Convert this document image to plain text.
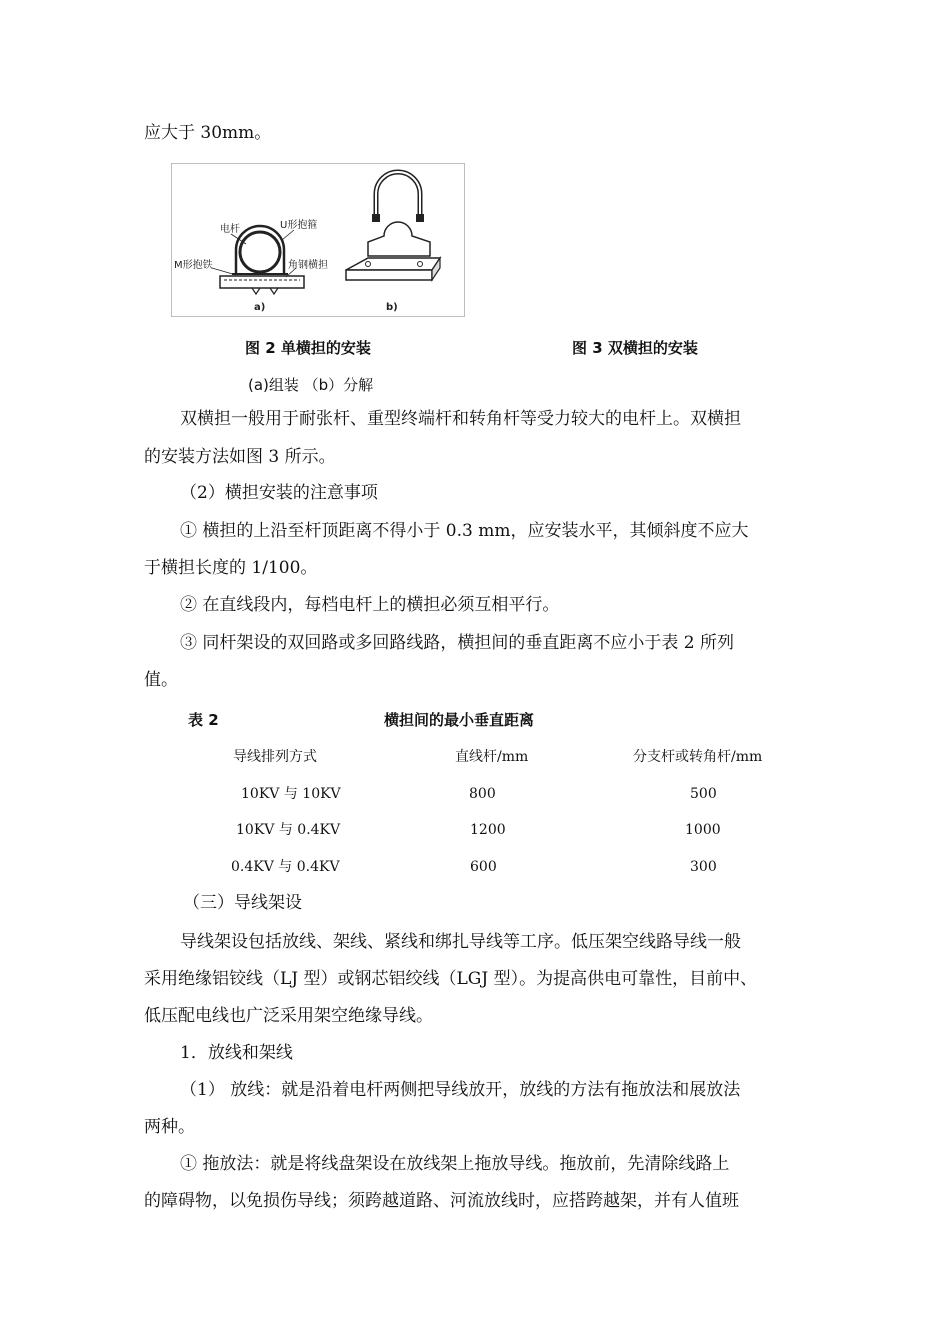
应大于 30mm。
电杆	U形抱箍
M形抱铁	角钢横担
a)	b)
图 2 单横担的安装	图 3 双横担的安装
(a)组装 （b）分解
双横担一般用于耐张杆、重型终端杆和转角杆等受力较大的电杆上。双横担
的安装方法如图 3 所示。
（2）横担安装的注意事项
① 横担的上沿至杆顶距离不得小于 0.3 mm，应安装水平，其倾斜度不应大
于横担长度的 1/100。
② 在直线段内，每档电杆上的横担必须互相平行。
③ 同杆架设的双回路或多回路线路，横担间的垂直距离不应小于表 2 所列
值。
表 2	横担间的最小垂直距离
导线排列方式	直线杆/mm	分支杆或转角杆/mm
10KV 与 10KV	800	500
10KV 与 0.4KV	1200	1000
0.4KV 与 0.4KV	600	300
（三）导线架设
导线架设包括放线、架线、紧线和绑扎导线等工序。低压架空线路导线一般
采用绝缘铝铰线（LJ 型）或钢芯铝绞线（LGJ 型）。为提高供电可靠性，目前中、
低压配电线也广泛采用架空绝缘导线。
1．放线和架线
（1） 放线：就是沿着电杆两侧把导线放开，放线的方法有拖放法和展放法
两种。
① 拖放法：就是将线盘架设在放线架上拖放导线。拖放前，先清除线路上
的障碍物，以免损伤导线；须跨越道路、河流放线时，应搭跨越架，并有人值班
